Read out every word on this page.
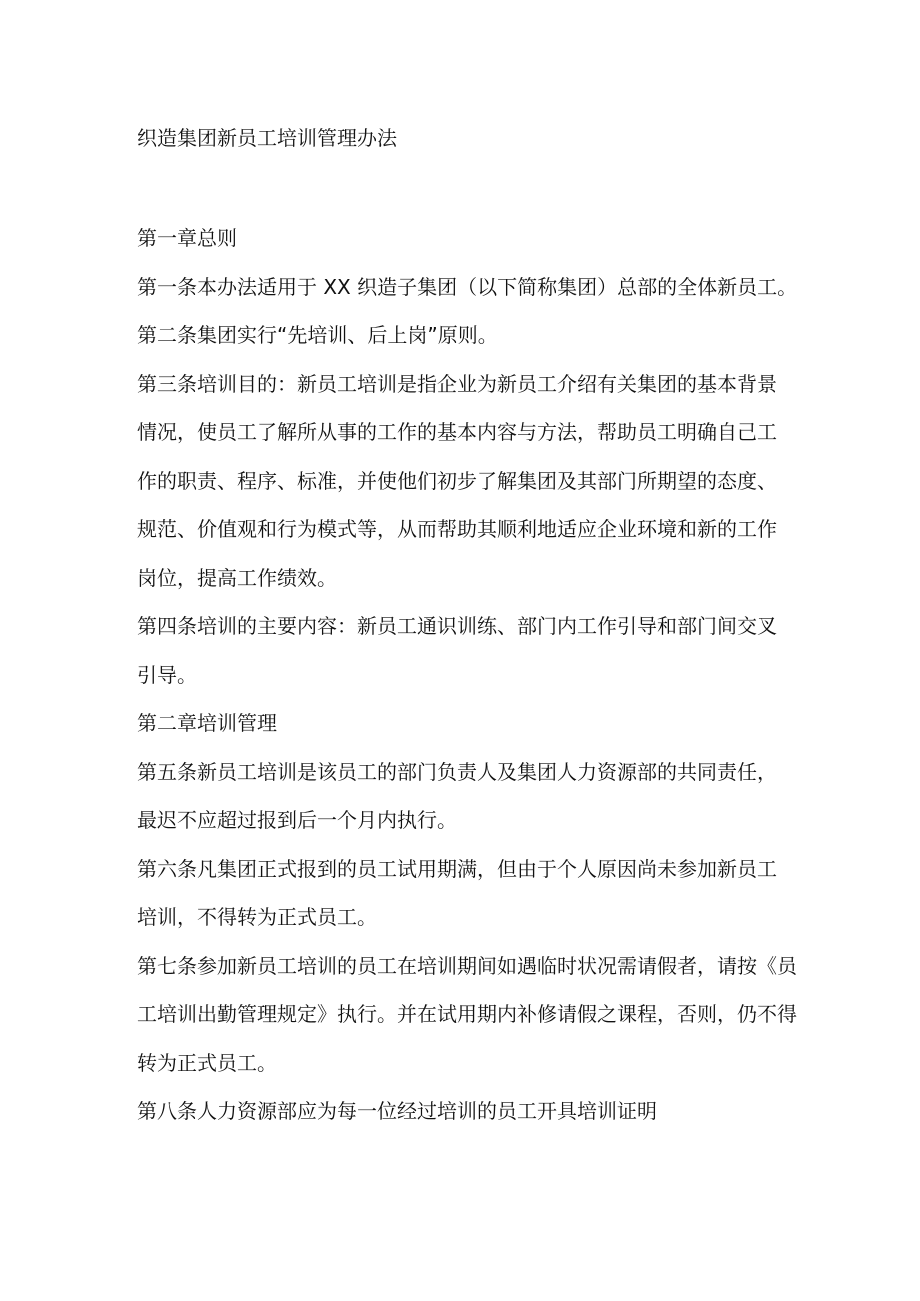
织造集团新员工培训管理办法
第一章总则
第一条本办法适用于 XX 织造子集团（以下简称集团）总部的全体新员工。
第二条集团实行“先培训、后上岗”原则。
第三条培训目的：新员工培训是指企业为新员工介绍有关集团的基本背景
情况，使员工了解所从事的工作的基本内容与方法，帮助员工明确自己工
作的职责、程序、标准，并使他们初步了解集团及其部门所期望的态度、
规范、价值观和行为模式等，从而帮助其顺利地适应企业环境和新的工作
岗位，提高工作绩效。
第四条培训的主要内容：新员工通识训练、部门内工作引导和部门间交叉
引导。
第二章培训管理
第五条新员工培训是该员工的部门负责人及集团人力资源部的共同责任，
最迟不应超过报到后一个月内执行。
第六条凡集团正式报到的员工试用期满，但由于个人原因尚未参加新员工
培训，不得转为正式员工。
第七条参加新员工培训的员工在培训期间如遇临时状况需请假者，请按《员
工培训出勤管理规定》执行。并在试用期内补修请假之课程，否则，仍不得
转为正式员工。
第八条人力资源部应为每一位经过培训的员工开具培训证明
